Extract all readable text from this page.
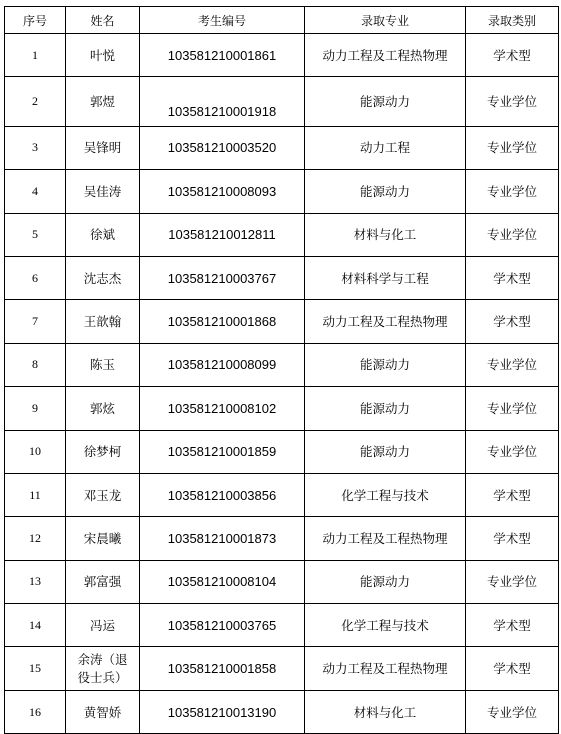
序号	姓名	考生编号	录取专业	录取类别
1	叶悦	103581210001861	动力工程及工程热物理	学术型
2	郭煜	103581210001918	能源动力	专业学位
3	吴锋明	103581210003520	动力工程	专业学位
4	吴佳涛	103581210008093	能源动力	专业学位
5	徐斌	103581210012811	材料与化工	专业学位
6	沈志杰	103581210003767	材料科学与工程	学术型
7	王歆翰	103581210001868	动力工程及工程热物理	学术型
8	陈玉	103581210008099	能源动力	专业学位
9	郭炫	103581210008102	能源动力	专业学位
10	徐梦柯	103581210001859	能源动力	专业学位
11	邓玉龙	103581210003856	化学工程与技术	学术型
12	宋晨曦	103581210001873	动力工程及工程热物理	学术型
13	郭富强	103581210008104	能源动力	专业学位
14	冯运	103581210003765	化学工程与技术	学术型
15	余涛（退役士兵）	103581210001858	动力工程及工程热物理	学术型
16	黄智娇	103581210013190	材料与化工	专业学位
